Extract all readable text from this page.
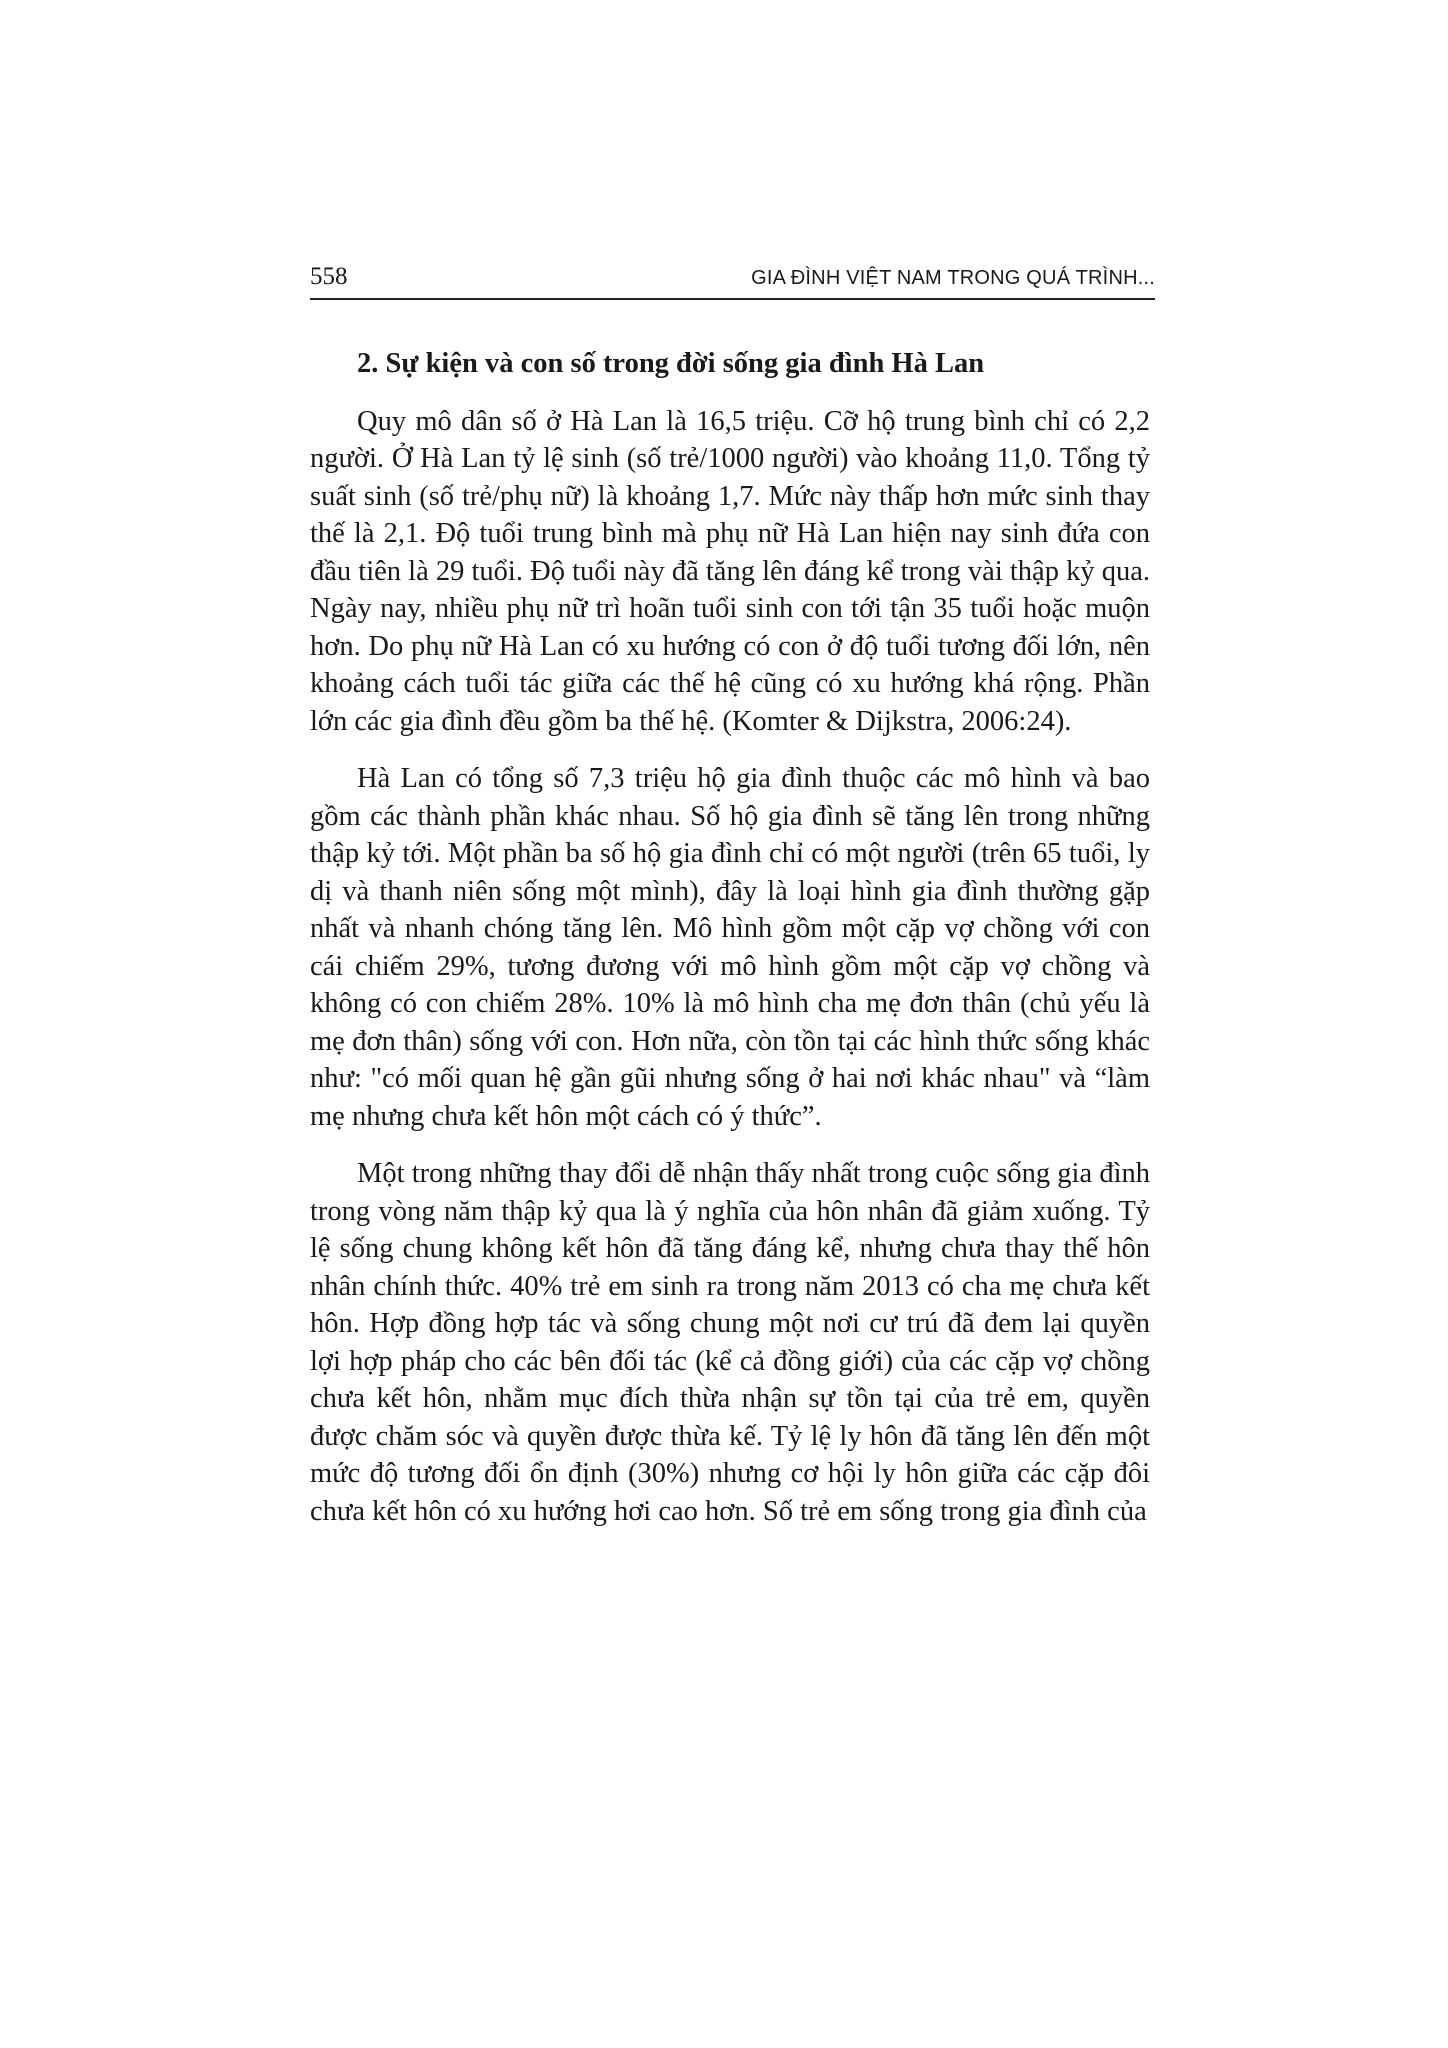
558	GIA ĐÌNH VIỆT NAM TRONG QUÁ TRÌNH...
2. Sự kiện và con số trong đời sống gia đình Hà Lan

Quy mô dân số ở Hà Lan là 16,5 triệu. Cỡ hộ trung bình chỉ có 2,2 người. Ở Hà Lan tỷ lệ sinh (số trẻ/1000 người) vào khoảng 11,0. Tổng tỷ suất sinh (số trẻ/phụ nữ) là khoảng 1,7. Mức này thấp hơn mức sinh thay thế là 2,1. Độ tuổi trung bình mà phụ nữ Hà Lan hiện nay sinh đứa con đầu tiên là 29 tuổi. Độ tuổi này đã tăng lên đáng kể trong vài thập kỷ qua. Ngày nay, nhiều phụ nữ trì hoãn tuổi sinh con tới tận 35 tuổi hoặc muộn hơn. Do phụ nữ Hà Lan có xu hướng có con ở độ tuổi tương đối lớn, nên khoảng cách tuổi tác giữa các thế hệ cũng có xu hướng khá rộng. Phần lớn các gia đình đều gồm ba thế hệ. (Komter & Dijkstra, 2006:24).

Hà Lan có tổng số 7,3 triệu hộ gia đình thuộc các mô hình và bao gồm các thành phần khác nhau. Số hộ gia đình sẽ tăng lên trong những thập kỷ tới. Một phần ba số hộ gia đình chỉ có một người (trên 65 tuổi, ly dị và thanh niên sống một mình), đây là loại hình gia đình thường gặp nhất và nhanh chóng tăng lên. Mô hình gồm một cặp vợ chồng với con cái chiếm 29%, tương đương với mô hình gồm một cặp vợ chồng và không có con chiếm 28%. 10% là mô hình cha mẹ đơn thân (chủ yếu là mẹ đơn thân) sống với con. Hơn nữa, còn tồn tại các hình thức sống khác như: "có mối quan hệ gần gũi nhưng sống ở hai nơi khác nhau" và “làm mẹ nhưng chưa kết hôn một cách có ý thức”.

Một trong những thay đổi dễ nhận thấy nhất trong cuộc sống gia đình trong vòng năm thập kỷ qua là ý nghĩa của hôn nhân đã giảm xuống. Tỷ lệ sống chung không kết hôn đã tăng đáng kể, nhưng chưa thay thế hôn nhân chính thức. 40% trẻ em sinh ra trong năm 2013 có cha mẹ chưa kết hôn. Hợp đồng hợp tác và sống chung một nơi cư trú đã đem lại quyền lợi hợp pháp cho các bên đối tác (kể cả đồng giới) của các cặp vợ chồng chưa kết hôn, nhằm mục đích thừa nhận sự tồn tại của trẻ em, quyền được chăm sóc và quyền được thừa kế. Tỷ lệ ly hôn đã tăng lên đến một mức độ tương đối ổn định (30%) nhưng cơ hội ly hôn giữa các cặp đôi chưa kết hôn có xu hướng hơi cao hơn. Số trẻ em sống trong gia đình của
